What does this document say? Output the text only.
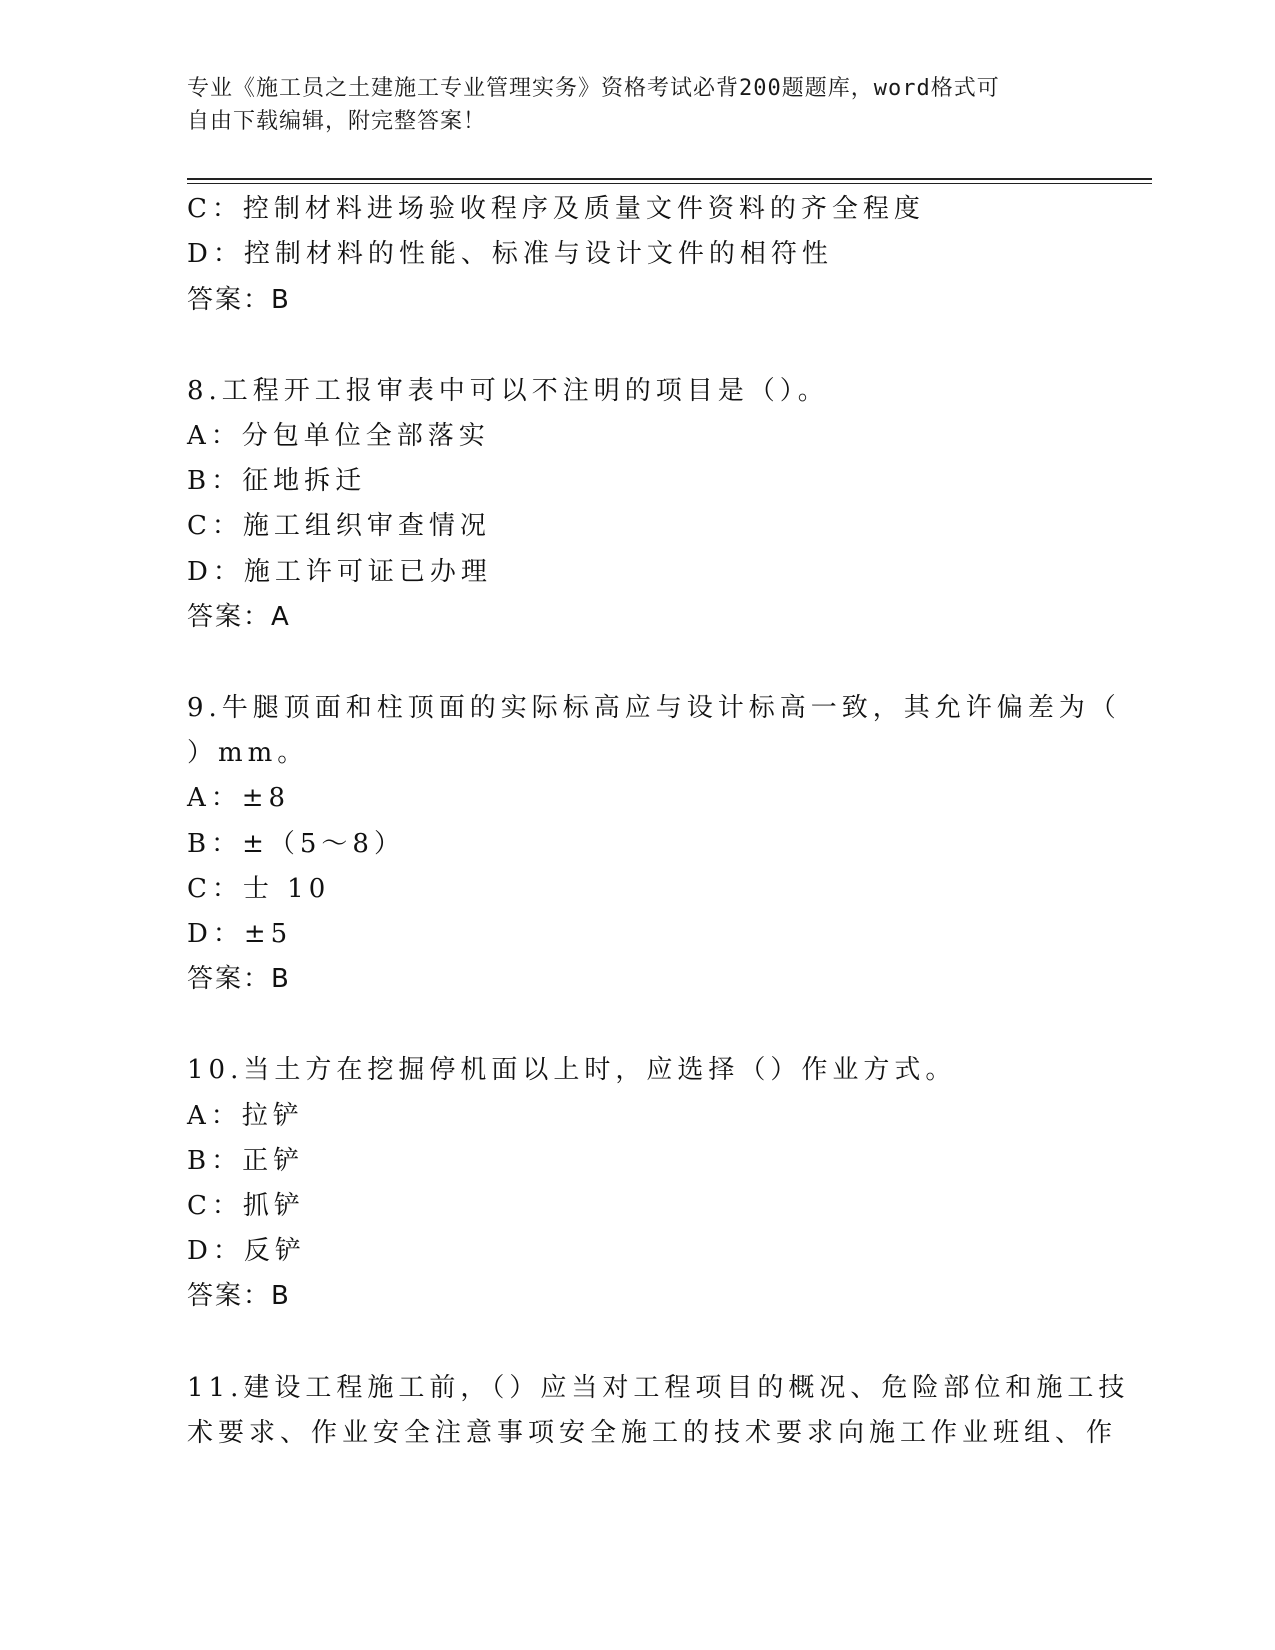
专业《施工员之土建施工专业管理实务》资格考试必背200题题库，word格式可
自由下载编辑，附完整答案！
C：控制材料进场验收程序及质量文件资料的齐全程度
D：控制材料的性能、标准与设计文件的相符性
答案：B
8.工程开工报审表中可以不注明的项目是（）。
A：分包单位全部落实
B：征地拆迁
C：施工组织审查情况
D：施工许可证已办理
答案：A
9.牛腿顶面和柱顶面的实际标高应与设计标高一致，其允许偏差为（
）mm。
A：±8
B：±（5～8）
C：士 10
D：±5
答案：B
10.当土方在挖掘停机面以上时，应选择（）作业方式。
A：拉铲
B：正铲
C：抓铲
D：反铲
答案：B
11.建设工程施工前，（）应当对工程项目的概况、危险部位和施工技
术要求、作业安全注意事项安全施工的技术要求向施工作业班组、作
